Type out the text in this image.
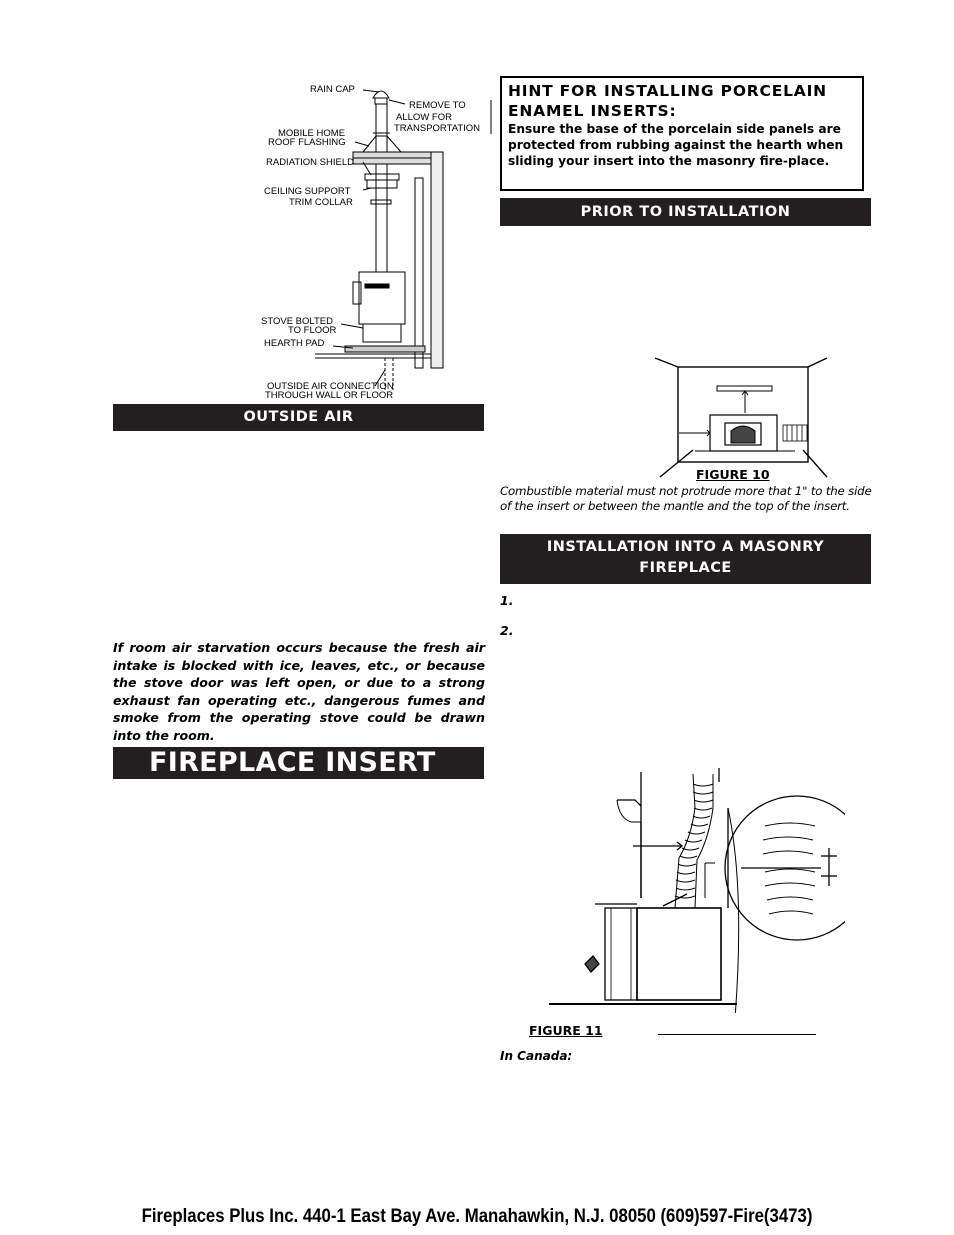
RAIN CAP
REMOVE TO
ALLOW FOR
TRANSPORTATION
MOBILE HOME
ROOF FLASHING
RADIATION SHIELD
CEILING SUPPORT
TRIM COLLAR
STOVE BOLTED
TO FLOOR
HEARTH PAD
OUTSIDE AIR CONNECTION
THROUGH WALL OR FLOOR
OUTSIDE AIR
If room air starvation occurs because the fresh air intake is blocked with ice, leaves, etc., or because the stove door was left open, or due to a strong exhaust fan operating etc., dangerous fumes and smoke from the operating stove could be drawn into the room.
FIREPLACE INSERT
HINT FOR INSTALLING PORCELAIN ENAMEL INSERTS:
Ensure the base of the porcelain side panels are protected from rubbing against the hearth when sliding your insert into the masonry fire-place.
PRIOR TO INSTALLATION
FIGURE 10
Combustible material must not protrude more that 1" to the side of the insert or between the mantle and the top of the insert.
INSTALLATION INTO A MASONRY FIREPLACE
1.
2.
FIGURE 11
In Canada:
Fireplaces Plus Inc. 440-1 East Bay Ave. Manahawkin, N.J. 08050 (609)597-Fire(3473)
